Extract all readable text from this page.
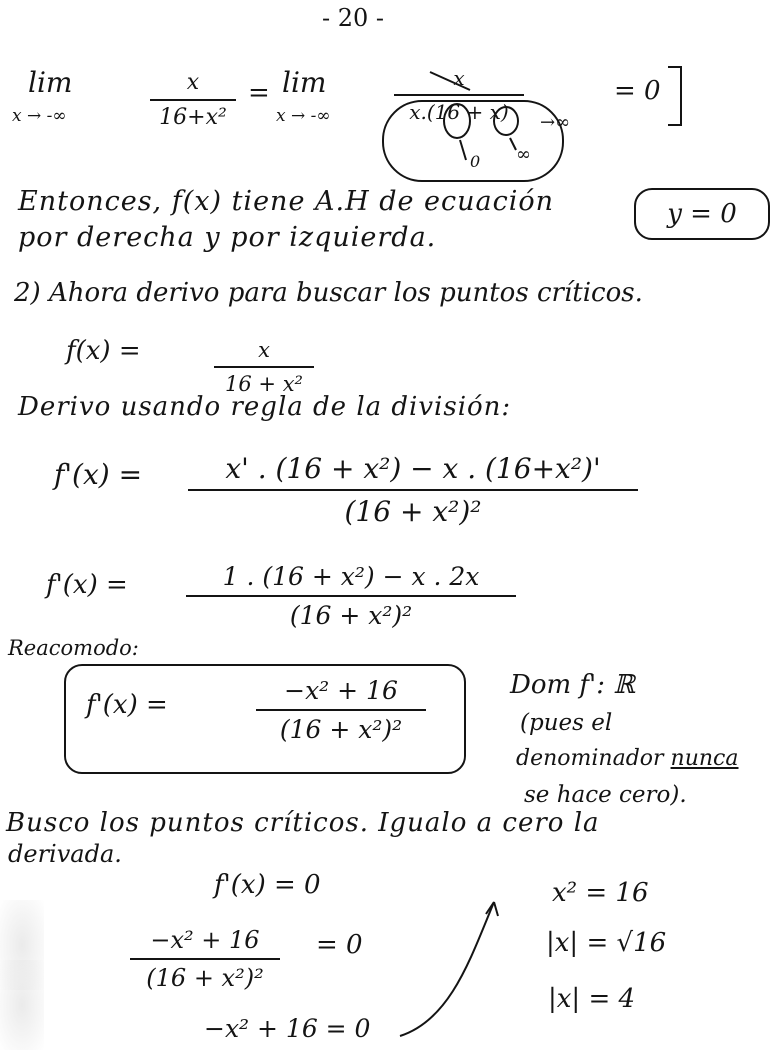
- 20 -
lim
x → -∞
x
16+x²
= lim
x → -∞
x
x.(16 + x) →∞
0 ∞
= 0
Entonces, f(x) tiene A.H de ecuación	y = 0
por derecha y por izquierda.
2) Ahora derivo para buscar los puntos críticos.
f(x) =	x
16 + x²
Derivo usando regla de la división:
f'(x) =	x' . (16 + x²) − x . (16+x²)'
(16 + x²)²
f'(x) =	1 . (16 + x²) − x . 2x
(16 + x²)²
Reacomodo:
f'(x) =	−x² + 16
(16 + x²)²
Dom f': ℝ
(pues el
denominador nunca
se hace cero).
Busco los puntos críticos. Igualo a cero la
derivada.
f'(x) = 0
−x² + 16
(16 + x²)²
= 0
−x² + 16 = 0
x² = 16
|x| = √16
|x| = 4
